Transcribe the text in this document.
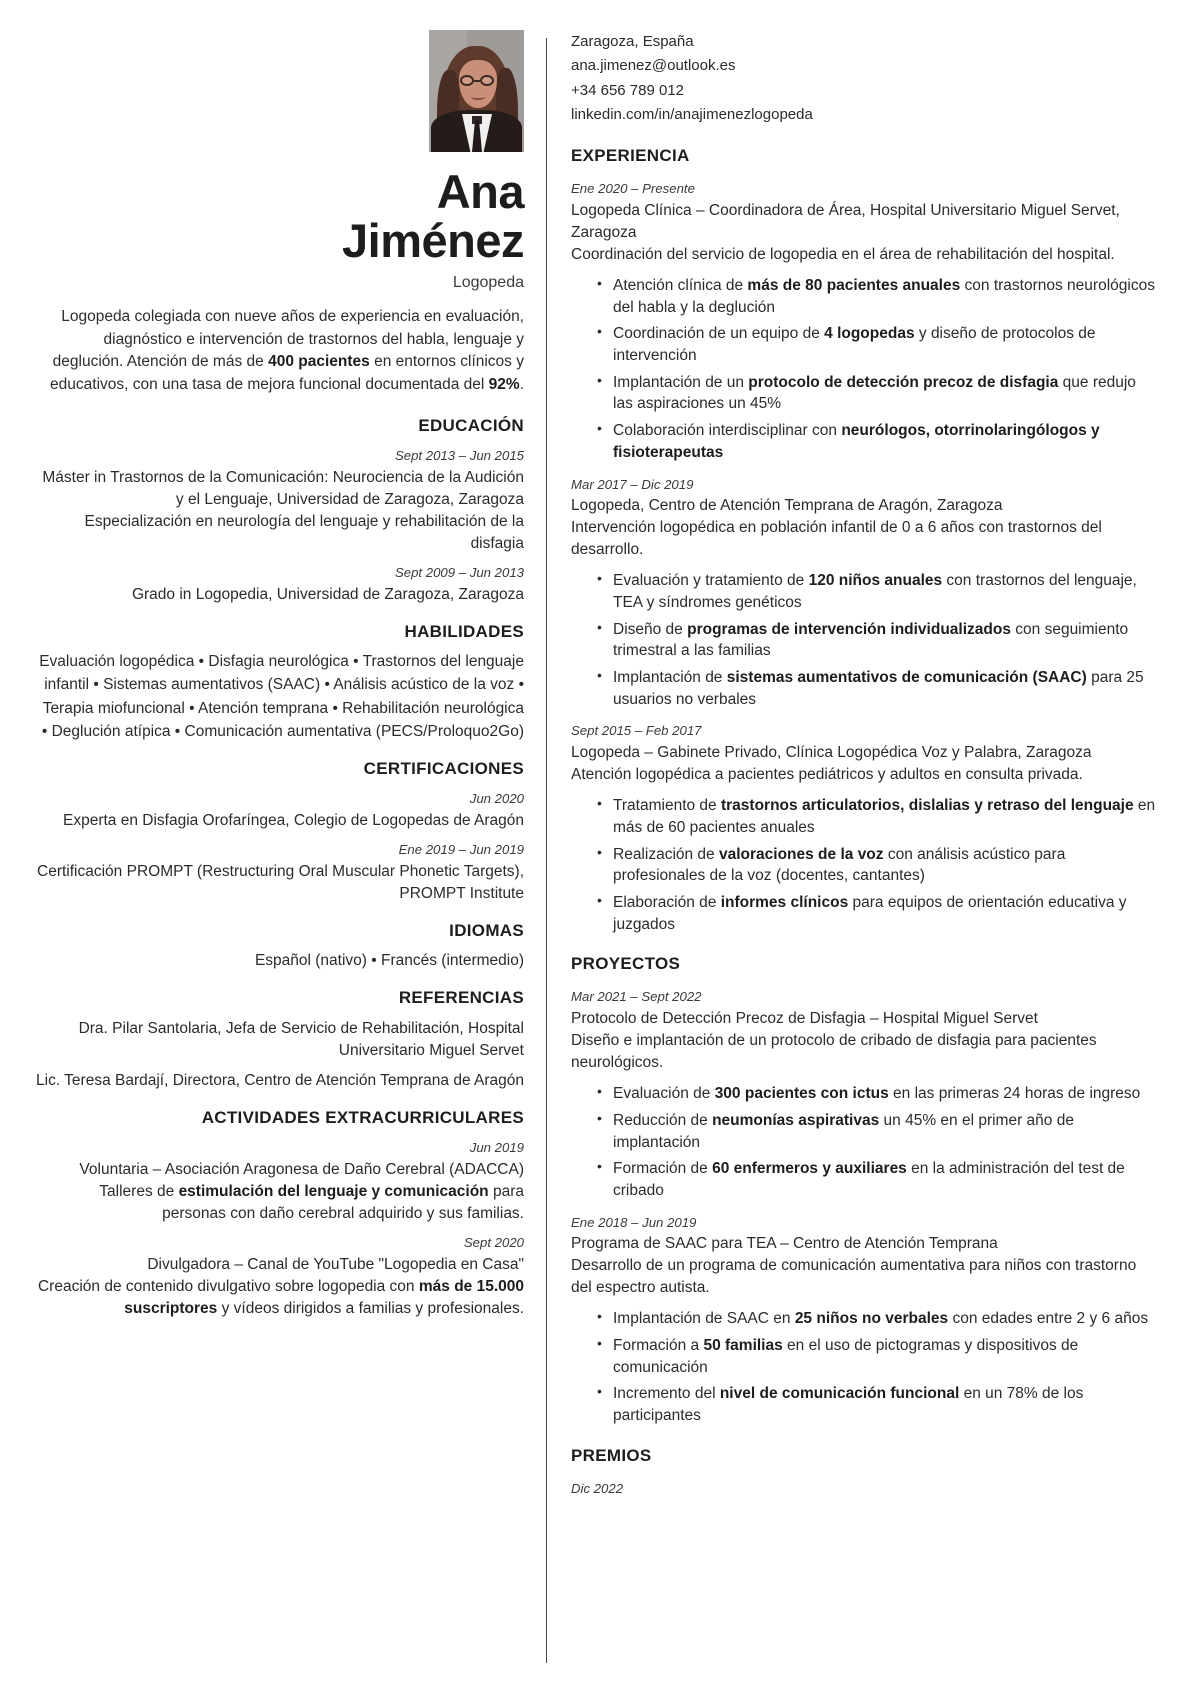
Ana
Jiménez
Logopeda
Logopeda colegiada con nueve años de experiencia en evaluación, diagnóstico e intervención de trastornos del habla, lenguaje y deglución. Atención de más de 400 pacientes en entornos clínicos y educativos, con una tasa de mejora funcional documentada del 92%.
EDUCACIÓN
Sept 2013 – Jun 2015
Máster in Trastornos de la Comunicación: Neurociencia de la Audición y el Lenguaje, Universidad de Zaragoza, Zaragoza
Especialización en neurología del lenguaje y rehabilitación de la disfagia
Sept 2009 – Jun 2013
Grado in Logopedia, Universidad de Zaragoza, Zaragoza
HABILIDADES
Evaluación logopédica • Disfagia neurológica • Trastornos del lenguaje infantil • Sistemas aumentativos (SAAC) • Análisis acústico de la voz • Terapia miofuncional • Atención temprana • Rehabilitación neurológica • Deglución atípica • Comunicación aumentativa (PECS/Proloquo2Go)
CERTIFICACIONES
Jun 2020
Experta en Disfagia Orofaríngea, Colegio de Logopedas de Aragón
Ene 2019 – Jun 2019
Certificación PROMPT (Restructuring Oral Muscular Phonetic Targets), PROMPT Institute
IDIOMAS
Español (nativo) • Francés (intermedio)
REFERENCIAS
Dra. Pilar Santolaria, Jefa de Servicio de Rehabilitación, Hospital Universitario Miguel Servet
Lic. Teresa Bardají, Directora, Centro de Atención Temprana de Aragón
ACTIVIDADES EXTRACURRICULARES
Jun 2019
Voluntaria – Asociación Aragonesa de Daño Cerebral (ADACCA)
Talleres de estimulación del lenguaje y comunicación para personas con daño cerebral adquirido y sus familias.
Sept 2020
Divulgadora – Canal de YouTube "Logopedia en Casa"
Creación de contenido divulgativo sobre logopedia con más de 15.000 suscriptores y vídeos dirigidos a familias y profesionales.
Zaragoza, España
ana.jimenez@outlook.es
+34 656 789 012
linkedin.com/in/anajimenezlogopeda
EXPERIENCIA
Ene 2020 – Presente
Logopeda Clínica – Coordinadora de Área, Hospital Universitario Miguel Servet, Zaragoza
Coordinación del servicio de logopedia en el área de rehabilitación del hospital.
• Atención clínica de más de 80 pacientes anuales con trastornos neurológicos del habla y la deglución
• Coordinación de un equipo de 4 logopedas y diseño de protocolos de intervención
• Implantación de un protocolo de detección precoz de disfagia que redujo las aspiraciones un 45%
• Colaboración interdisciplinar con neurólogos, otorrinolaringólogos y fisioterapeutas
Mar 2017 – Dic 2019
Logopeda, Centro de Atención Temprana de Aragón, Zaragoza
Intervención logopédica en población infantil de 0 a 6 años con trastornos del desarrollo.
• Evaluación y tratamiento de 120 niños anuales con trastornos del lenguaje, TEA y síndromes genéticos
• Diseño de programas de intervención individualizados con seguimiento trimestral a las familias
• Implantación de sistemas aumentativos de comunicación (SAAC) para 25 usuarios no verbales
Sept 2015 – Feb 2017
Logopeda – Gabinete Privado, Clínica Logopédica Voz y Palabra, Zaragoza
Atención logopédica a pacientes pediátricos y adultos en consulta privada.
• Tratamiento de trastornos articulatorios, dislalias y retraso del lenguaje en más de 60 pacientes anuales
• Realización de valoraciones de la voz con análisis acústico para profesionales de la voz (docentes, cantantes)
• Elaboración de informes clínicos para equipos de orientación educativa y juzgados
PROYECTOS
Mar 2021 – Sept 2022
Protocolo de Detección Precoz de Disfagia – Hospital Miguel Servet
Diseño e implantación de un protocolo de cribado de disfagia para pacientes neurológicos.
• Evaluación de 300 pacientes con ictus en las primeras 24 horas de ingreso
• Reducción de neumonías aspirativas un 45% en el primer año de implantación
• Formación de 60 enfermeros y auxiliares en la administración del test de cribado
Ene 2018 – Jun 2019
Programa de SAAC para TEA – Centro de Atención Temprana
Desarrollo de un programa de comunicación aumentativa para niños con trastorno del espectro autista.
• Implantación de SAAC en 25 niños no verbales con edades entre 2 y 6 años
• Formación a 50 familias en el uso de pictogramas y dispositivos de comunicación
• Incremento del nivel de comunicación funcional en un 78% de los participantes
PREMIOS
Dic 2022
